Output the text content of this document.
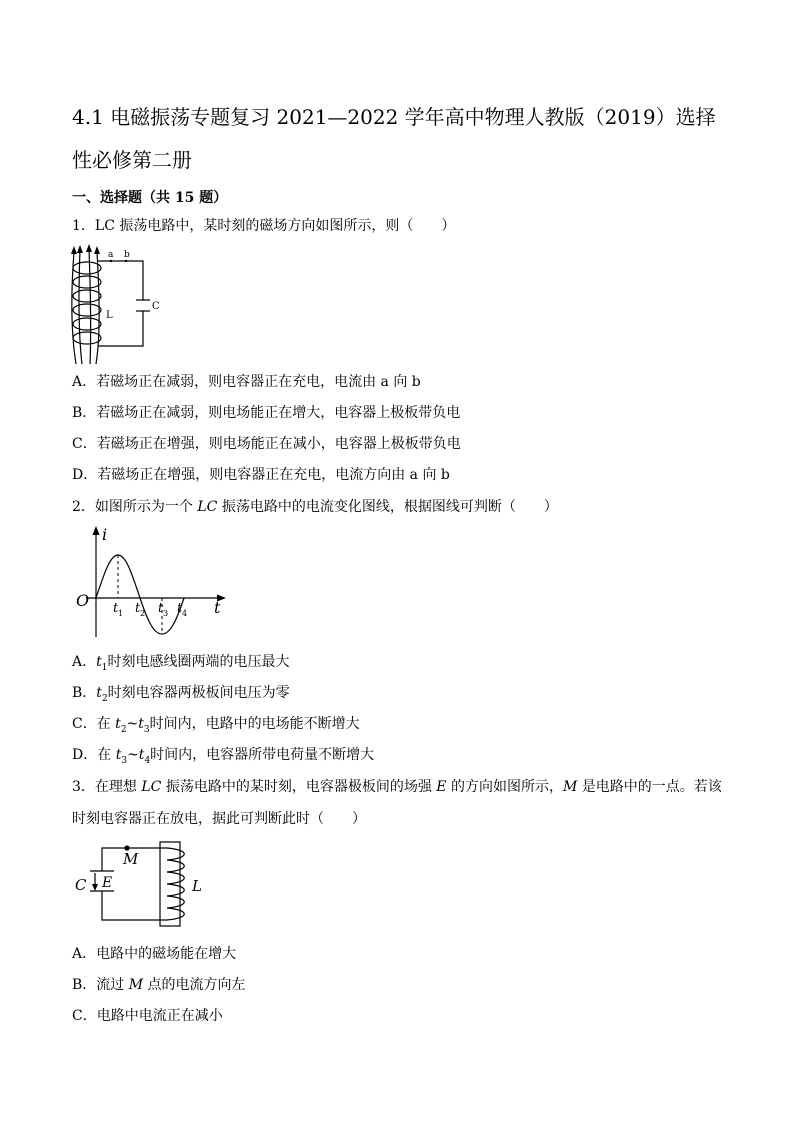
4.1 电磁振荡专题复习 2021—2022 学年高中物理人教版（2019）选择
性必修第二册
一、选择题（共 15 题）
1．LC 振荡电路中，某时刻的磁场方向如图所示，则（　　）
a b
C
L
A．若磁场正在减弱，则电容器正在充电，电流由 a 向 b
B．若磁场正在减弱，则电场能正在增大，电容器上极板带负电
C．若磁场正在增强，则电场能正在减小，电容器上极板带负电
D．若磁场正在增强，则电容器正在充电，电流方向由 a 向 b
2．如图所示为一个 LC 振荡电路中的电流变化图线，根据图线可判断（　　）
i
O	t
t 1 t 2 t 3 t 4
A．$t_1$时刻电感线圈两端的电压最大
B．$t_2$时刻电容器两极板间电压为零
C．在 $t_2\sim t_3$时间内，电路中的电场能不断增大
D．在 $t_3\sim t_4$时间内，电容器所带电荷量不断增大
3．在理想 LC 振荡电路中的某时刻，电容器极板间的场强 E 的方向如图所示，M 是电路中的一点。若该
时刻电容器正在放电，据此可判断此时（　　）
M
C E	L
A．电路中的磁场能在增大
B．流过 M 点的电流方向左
C．电路中电流正在减小
